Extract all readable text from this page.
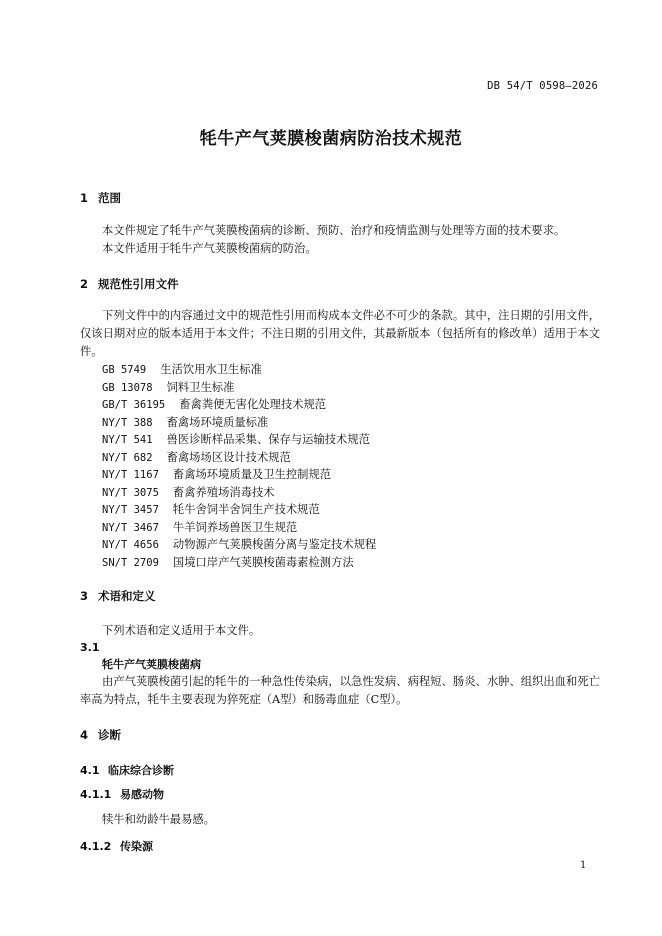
DB 54/T 0598—2026
牦牛产气荚膜梭菌病防治技术规范
1 范围
本文件规定了牦牛产气荚膜梭菌病的诊断、预防、治疗和疫情监测与处理等方面的技术要求。
本文件适用于牦牛产气荚膜梭菌病的防治。
2 规范性引用文件
下列文件中的内容通过文中的规范性引用而构成本文件必不可少的条款。其中，注日期的引用文件，仅该日期对应的版本适用于本文件；不注日期的引用文件，其最新版本（包括所有的修改单）适用于本文件。
GB 5749 生活饮用水卫生标准
GB 13078 饲料卫生标准
GB/T 36195 畜禽粪便无害化处理技术规范
NY/T 388 畜禽场环境质量标准
NY/T 541 兽医诊断样品采集、保存与运输技术规范
NY/T 682 畜禽场场区设计技术规范
NY/T 1167 畜禽场环境质量及卫生控制规范
NY/T 3075 畜禽养殖场消毒技术
NY/T 3457 牦牛舍饲半舍饲生产技术规范
NY/T 3467 牛羊饲养场兽医卫生规范
NY/T 4656 动物源产气荚膜梭菌分离与鉴定技术规程
SN/T 2709 国境口岸产气荚膜梭菌毒素检测方法
3 术语和定义
下列术语和定义适用于本文件。
3.1
牦牛产气荚膜梭菌病
由产气荚膜梭菌引起的牦牛的一种急性传染病，以急性发病、病程短、肠炎、水肿、组织出血和死亡率高为特点，牦牛主要表现为猝死症（A型）和肠毒血症（C型）。
4 诊断
4.1 临床综合诊断
4.1.1 易感动物
犊牛和幼龄牛最易感。
4.1.2 传染源
1
